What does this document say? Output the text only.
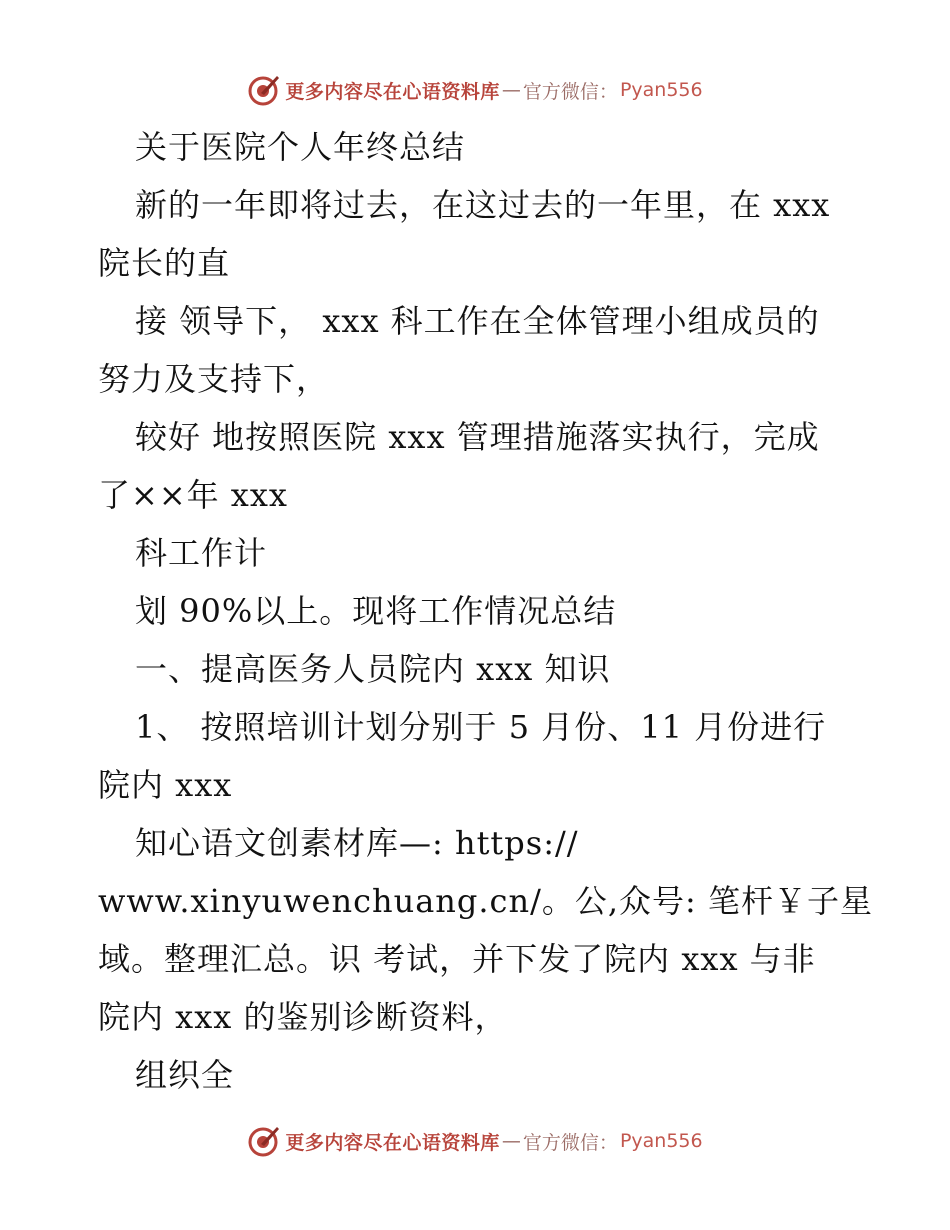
更多内容尽在心语资料库 — 官方微信： Pyan556
关于医院个人年终总结
新的一年即将过去，在这过去的一年里，在 xxx
院长的直
接 领导下， xxx 科工作在全体管理小组成员的
努力及支持下，
较好 地按照医院 xxx 管理措施落实执行，完成
了××年 xxx
科工作计
划 90%以上。现将工作情况总结
一、提高医务人员院内 xxx 知识
1、 按照培训计划分别于 5 月份、11 月份进行
院内 xxx
知心语文创素材库—: https://
www.xinyuwenchuang.cn/。公,众号: 笔杆￥子星
域。整理汇总。识 考试，并下发了院内 xxx 与非
院内 xxx 的鉴别诊断资料，
组织全
更多内容尽在心语资料库 — 官方微信： Pyan556
